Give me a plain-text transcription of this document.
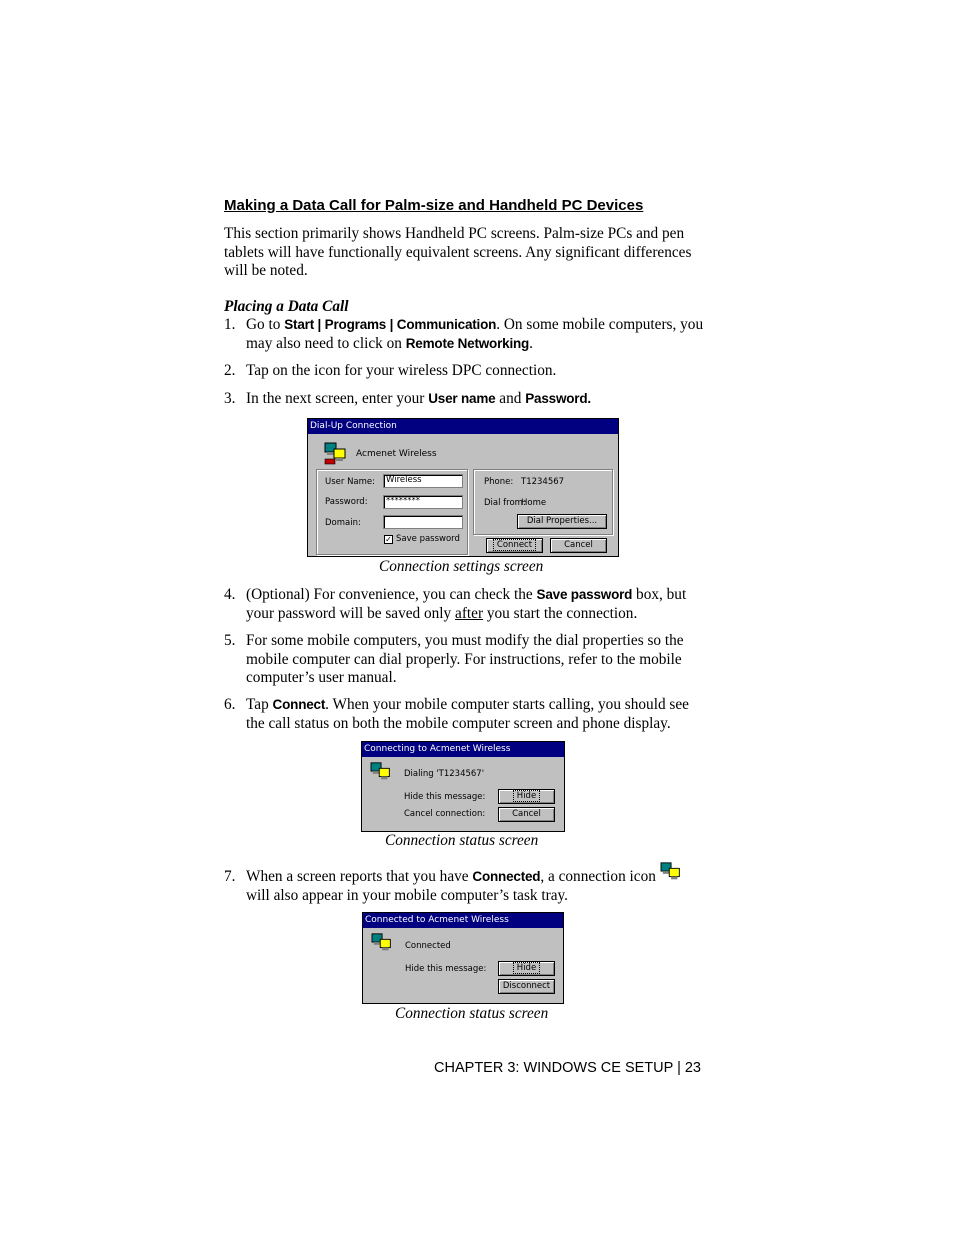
Making a Data Call for Palm-size and Handheld PC Devices
This section primarily shows Handheld PC screens. Palm-size PCs and pen tablets will have functionally equivalent screens. Any significant differences will be noted.
Placing a Data Call
1. Go to Start | Programs | Communication. On some mobile computers, you may also need to click on Remote Networking.
2. Tap on the icon for your wireless DPC connection.
3. In the next screen, enter your User name and Password.
Dial-Up Connection
Acmenet Wireless
User Name:	Wireless
Password:	********
Domain:
✓ Save password
Phone: T1234567
Dial from:
Home
Dial Properties...
Connect	Cancel
Connection settings screen
4. (Optional) For convenience, you can check the Save password box, but your password will be saved only after you start the connection.
5. For some mobile computers, you must modify the dial properties so the mobile computer can dial properly. For instructions, refer to the mobile computer’s user manual.
6. Tap Connect. When your mobile computer starts calling, you should see the call status on both the mobile computer screen and phone display.
Connecting to Acmenet Wireless
Dialing 'T1234567'
Hide this message:
Cancel connection:
Hide
Cancel
Connection status screen
7. When a screen reports that you have Connected, a connection icon
will also appear in your mobile computer’s task tray.
Connected to Acmenet Wireless
Connected
Hide this message:	Hide
Disconnect
Connection status screen
CHAPTER 3: WINDOWS CE SETUP | 23
